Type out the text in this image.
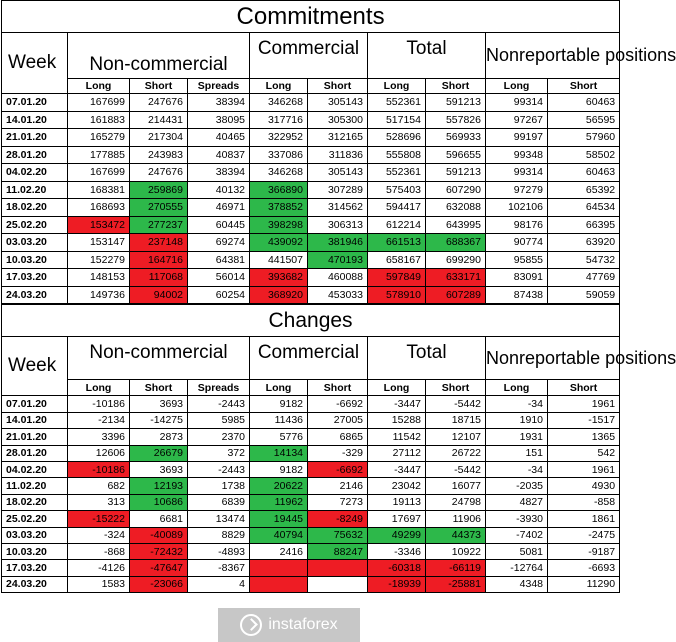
Commitments									
Week	Non-commercial			Commercial		Total		Nonreportable positions	
	Long	Short	Spreads	Long	Short	Long	Short	Long	Short
07.01.20	167699	247676	38394	346268	305143	552361	591213	99314	60463
14.01.20	161883	214431	38095	317716	305300	517154	557826	97267	56595
21.01.20	165279	217304	40465	322952	312165	528696	569933	99197	57960
28.01.20	177885	243983	40837	337086	311836	555808	596655	99348	58502
04.02.20	167699	247676	38394	346268	305143	552361	591213	99314	60463
11.02.20	168381	259869	40132	366890	307289	575403	607290	97279	65392
18.02.20	168693	270555	46971	378852	314562	594417	632088	102106	64534
25.02.20	153472	277237	60445	398298	306313	612214	643995	98176	66395
03.03.20	153147	237148	69274	439092	381946	661513	688367	90774	63920
10.03.20	152279	164716	64381	441507	470193	658167	699290	95855	54732
17.03.20	148153	117068	56014	393682	460088	597849	633171	83091	47769
24.03.20	149736	94002	60254	368920	453033	578910	607289	87438	59059
Changes									
Week	Non-commercial			Commercial		Total		Nonreportable positions	
	Long	Short	Spreads	Long	Short	Long	Short	Long	Short
07.01.20	-10186	3693	-2443	9182	-6692	-3447	-5442	-34	1961
14.01.20	-2134	-14275	5985	11436	27005	15288	18715	1910	-1517
21.01.20	3396	2873	2370	5776	6865	11542	12107	1931	1365
28.01.20	12606	26679	372	14134	-329	27112	26722	151	542
04.02.20	-10186	3693	-2443	9182	-6692	-3447	-5442	-34	1961
11.02.20	682	12193	1738	20622	2146	23042	16077	-2035	4930
18.02.20	313	10686	6839	11962	7273	19113	24798	4827	-858
25.02.20	-15222	6681	13474	19445	-8249	17697	11906	-3930	1861
03.03.20	-324	-40089	8829	40794	75632	49299	44373	-7402	-2475
10.03.20	-868	-72432	-4893	2416	88247	-3346	10922	5081	-9187
17.03.20	-4126	-47647	-8367			-60318	-66119	-12764	-6693
24.03.20	1583	-23066	4			-18939	-25881	4348	11290
instaforex
